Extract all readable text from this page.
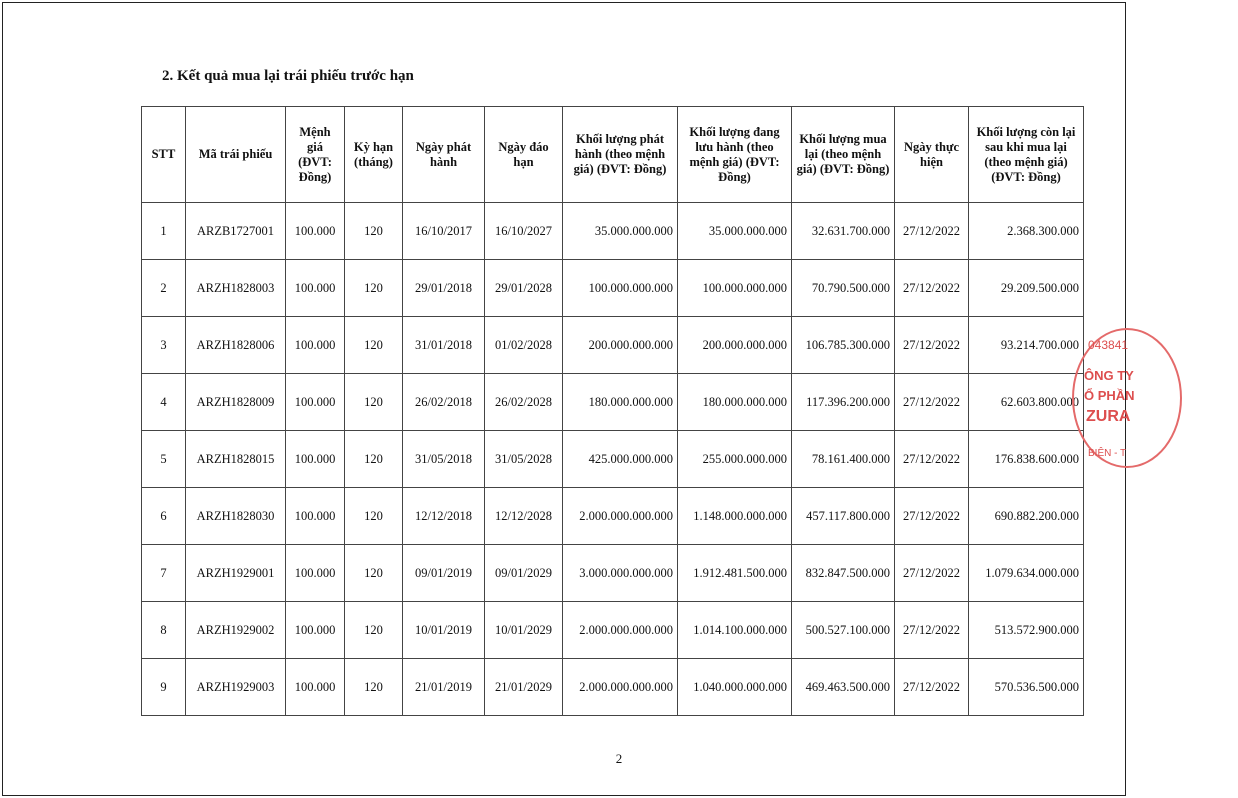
2. Kết quả mua lại trái phiếu trước hạn
STT	Mã trái phiếu	Mệnh giá (ĐVT: Đồng)	Kỳ hạn (tháng)	Ngày phát hành	Ngày đáo hạn	Khối lượng phát hành (theo mệnh giá) (ĐVT: Đồng)	Khối lượng đang lưu hành (theo mệnh giá) (ĐVT: Đồng)	Khối lượng mua lại (theo mệnh giá) (ĐVT: Đồng)	Ngày thực hiện	Khối lượng còn lại sau khi mua lại (theo mệnh giá) (ĐVT: Đồng)
1	ARZB1727001	100.000	120	16/10/2017	16/10/2027	35.000.000.000	35.000.000.000	32.631.700.000	27/12/2022	2.368.300.000
2	ARZH1828003	100.000	120	29/01/2018	29/01/2028	100.000.000.000	100.000.000.000	70.790.500.000	27/12/2022	29.209.500.000
3	ARZH1828006	100.000	120	31/01/2018	01/02/2028	200.000.000.000	200.000.000.000	106.785.300.000	27/12/2022	93.214.700.000
4	ARZH1828009	100.000	120	26/02/2018	26/02/2028	180.000.000.000	180.000.000.000	117.396.200.000	27/12/2022	62.603.800.000
5	ARZH1828015	100.000	120	31/05/2018	31/05/2028	425.000.000.000	255.000.000.000	78.161.400.000	27/12/2022	176.838.600.000
6	ARZH1828030	100.000	120	12/12/2018	12/12/2028	2.000.000.000.000	1.148.000.000.000	457.117.800.000	27/12/2022	690.882.200.000
7	ARZH1929001	100.000	120	09/01/2019	09/01/2029	3.000.000.000.000	1.912.481.500.000	832.847.500.000	27/12/2022	1.079.634.000.000
8	ARZH1929002	100.000	120	10/01/2019	10/01/2029	2.000.000.000.000	1.014.100.000.000	500.527.100.000	27/12/2022	513.572.900.000
9	ARZH1929003	100.000	120	21/01/2019	21/01/2029	2.000.000.000.000	1.040.000.000.000	469.463.500.000	27/12/2022	570.536.500.000
043841
ÔNG TY
Ổ PHẦN
ZURA
BIÊN - T
2
